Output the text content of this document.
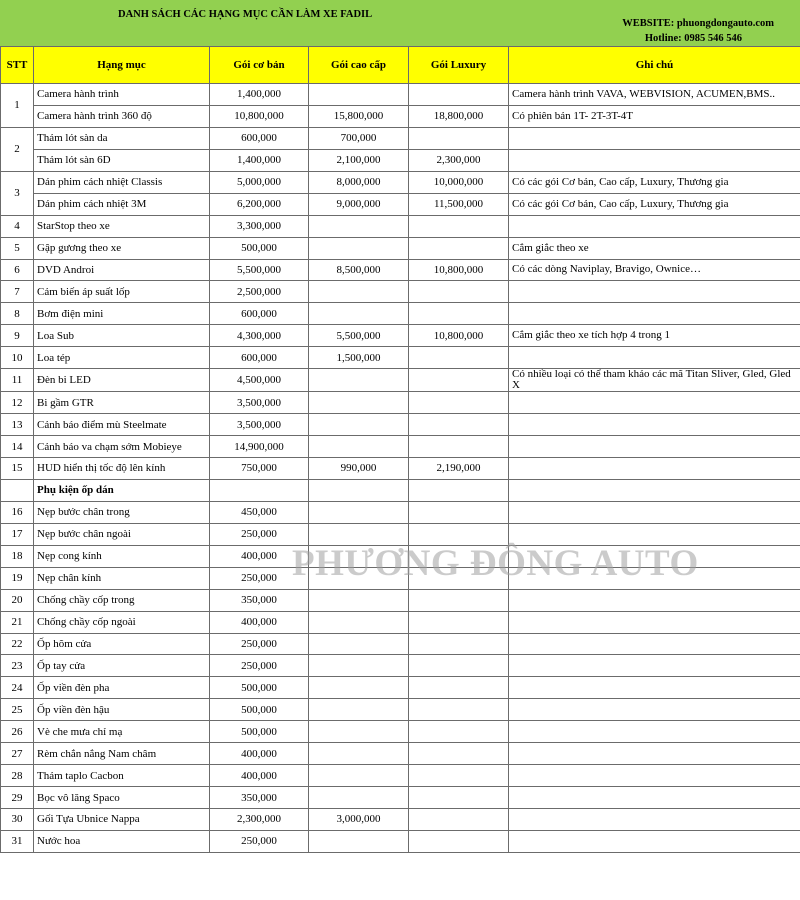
DANH SÁCH CÁC HẠNG MỤC CẦN LÀM XE FADIL
WEBSITE: phuongdongauto.com
Hotline: 0985 546 546
STT	Hạng mục	Gói cơ bản	Gói cao cấp	Gói Luxury	Ghi chú
1	Camera hành trình	1,400,000			Camera hành trình VAVA, WEBVISION, ACUMEN,BMS..
	Camera hành trình 360 độ	10,800,000	15,800,000	18,800,000	Có phiên bản 1T- 2T-3T-4T
2	Thảm lót sàn da	600,000	700,000		
	Thảm lót sàn 6D	1,400,000	2,100,000	2,300,000	
3	Dán phim cách nhiệt Classis	5,000,000	8,000,000	10,000,000	Có các gói Cơ bản, Cao cấp, Luxury, Thương gia
	Dán phim cách nhiệt 3M	6,200,000	9,000,000	11,500,000	Có các gói Cơ bản, Cao cấp, Luxury, Thương gia
4	StarStop theo xe	3,300,000			
5	Gập gương theo xe	500,000			Cắm giắc theo xe
6	DVD Androi	5,500,000	8,500,000	10,800,000	Có các dòng Naviplay, Bravigo, Ownice…
7	Cảm biến áp suất lốp	2,500,000			
8	Bơm điện mini	600,000			
9	Loa Sub	4,300,000	5,500,000	10,800,000	Cắm giắc theo xe tích hợp 4 trong 1
10	Loa tép	600,000	1,500,000		
11	Đèn bi LED	4,500,000			Có nhiều loại có thể tham khảo các mã Titan Sliver, Gled, Gled X
12	Bi gầm GTR	3,500,000			
13	Cảnh báo điểm mù Steelmate	3,500,000			
14	Cảnh báo va chạm sớm Mobieye	14,900,000			
15	HUD hiển thị tốc độ lên kính	750,000	990,000	2,190,000	
	Phụ kiện ốp dán				
16	Nẹp bước chân trong	450,000			
17	Nẹp bước chân ngoài	250,000			
18	Nẹp cong kính	400,000			
19	Nẹp chân kính	250,000			
20	Chống chầy cốp trong	350,000			
21	Chống chầy cốp ngoài	400,000			
22	Ốp hõm cửa	250,000			
23	Ốp tay cửa	250,000			
24	Ốp viền đèn pha	500,000			
25	Ốp viền đèn hậu	500,000			
26	Vè che mưa chỉ mạ	500,000			
27	Rèm chắn nắng Nam châm	400,000			
28	Thảm taplo Cacbon	400,000			
29	Bọc vô lăng Spaco	350,000			
30	Gối Tựa Ubnice Nappa	2,300,000	3,000,000		
31	Nước hoa	250,000			
PHƯƠNG ĐÔNG AUTO
